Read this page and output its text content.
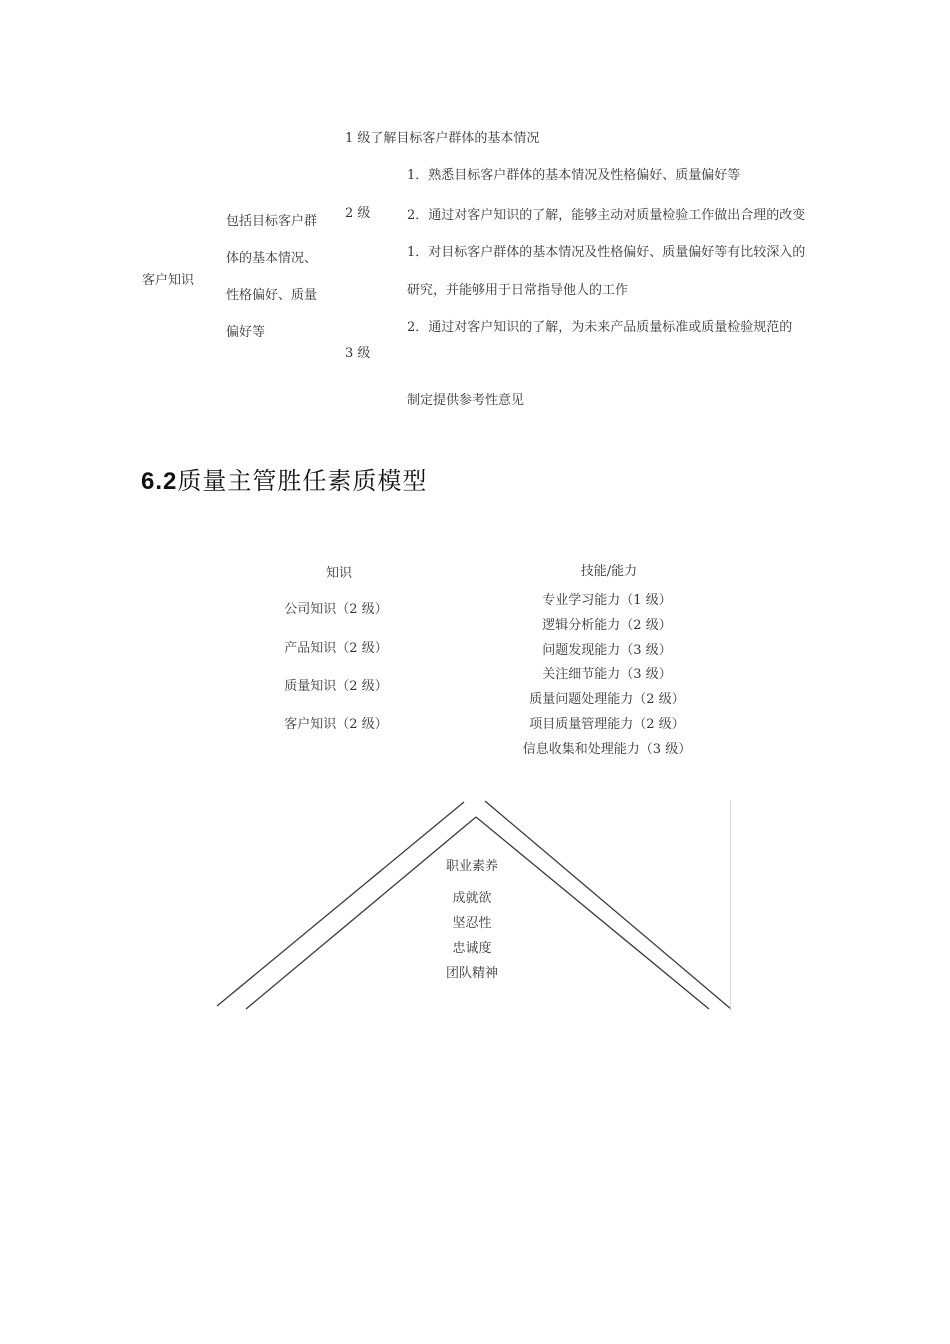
客户知识
包括目标客户群
体的基本情况、
性格偏好、质量
偏好等
1 级了解目标客户群体的基本情况
2 级
1．熟悉目标客户群体的基本情况及性格偏好、质量偏好等
2．通过对客户知识的了解，能够主动对质量检验工作做出合理的改变
3 级
1．对目标客户群体的基本情况及性格偏好、质量偏好等有比较深入的
研究，并能够用于日常指导他人的工作
2．通过对客户知识的了解，为未来产品质量标准或质量检验规范的
制定提供参考性意见
6.2质量主管胜任素质模型
知识
公司知识（2 级）
产品知识（2 级）
质量知识（2 级）
客户知识（2 级）
技能/能力
专业学习能力（1 级）
逻辑分析能力（2 级）
问题发现能力（3 级）
关注细节能力（3 级）
质量问题处理能力（2 级）
项目质量管理能力（2 级）
信息收集和处理能力（3 级）
职业素养
成就欲
坚忍性
忠诚度
团队精神
